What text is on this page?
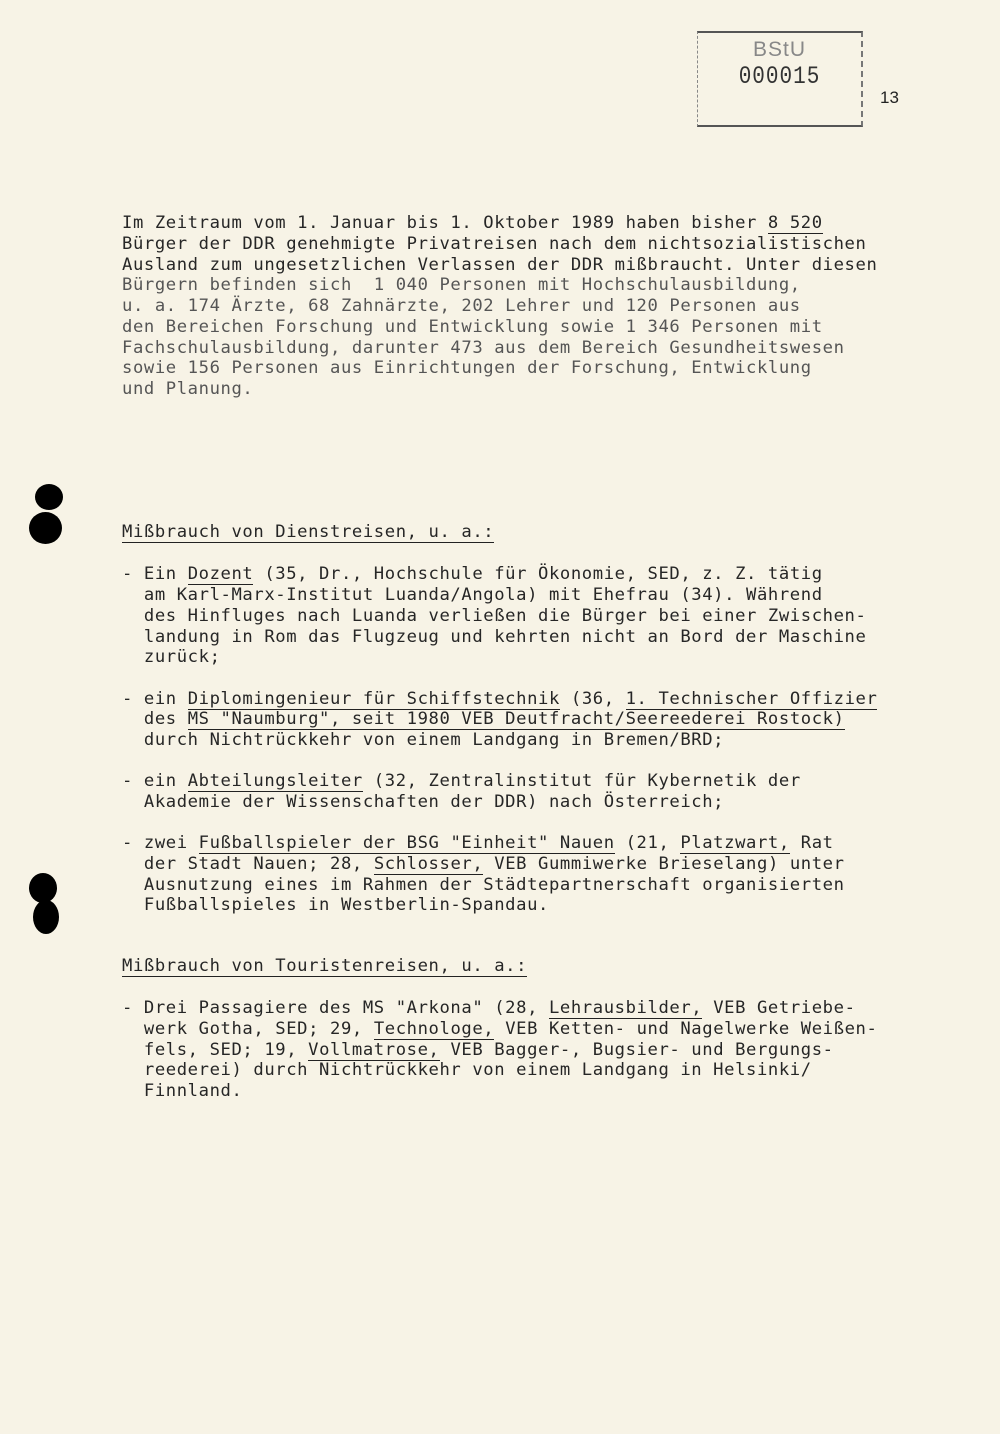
BStU
000015
13
Im Zeitraum vom 1. Januar bis 1. Oktober 1989 haben bisher 8 520
Bürger der DDR genehmigte Privatreisen nach dem nichtsozialistischen
Ausland zum ungesetzlichen Verlassen der DDR mißbraucht. Unter diesen
Bürgern befinden sich  1 040 Personen mit Hochschulausbildung,
u. a. 174 Ärzte, 68 Zahnärzte, 202 Lehrer und 120 Personen aus
den Bereichen Forschung und Entwicklung sowie 1 346 Personen mit
Fachschulausbildung, darunter 473 aus dem Bereich Gesundheitswesen
sowie 156 Personen aus Einrichtungen der Forschung, Entwicklung
und Planung.
Mißbrauch von Dienstreisen, u. a.:
- Ein Dozent (35, Dr., Hochschule für Ökonomie, SED, z. Z. tätig
am Karl-Marx-Institut Luanda/Angola) mit Ehefrau (34). Während
des Hinfluges nach Luanda verließen die Bürger bei einer Zwischen-
landung in Rom das Flugzeug und kehrten nicht an Bord der Maschine
zurück;
- ein Diplomingenieur für Schiffstechnik (36, 1. Technischer Offizier
des MS "Naumburg", seit 1980 VEB Deutfracht/Seereederei Rostock)
durch Nichtrückkehr von einem Landgang in Bremen/BRD;
- ein Abteilungsleiter (32, Zentralinstitut für Kybernetik der
Akademie der Wissenschaften der DDR) nach Österreich;
- zwei Fußballspieler der BSG "Einheit" Nauen (21, Platzwart, Rat
der Stadt Nauen; 28, Schlosser, VEB Gummiwerke Brieselang) unter
Ausnutzung eines im Rahmen der Städtepartnerschaft organisierten
Fußballspieles in Westberlin-Spandau.
Mißbrauch von Touristenreisen, u. a.:
- Drei Passagiere des MS "Arkona" (28, Lehrausbilder, VEB Getriebe-
werk Gotha, SED; 29, Technologe, VEB Ketten- und Nagelwerke Weißen-
fels, SED; 19, Vollmatrose, VEB Bagger-, Bugsier- und Bergungs-
reederei) durch Nichtrückkehr von einem Landgang in Helsinki/
Finnland.
